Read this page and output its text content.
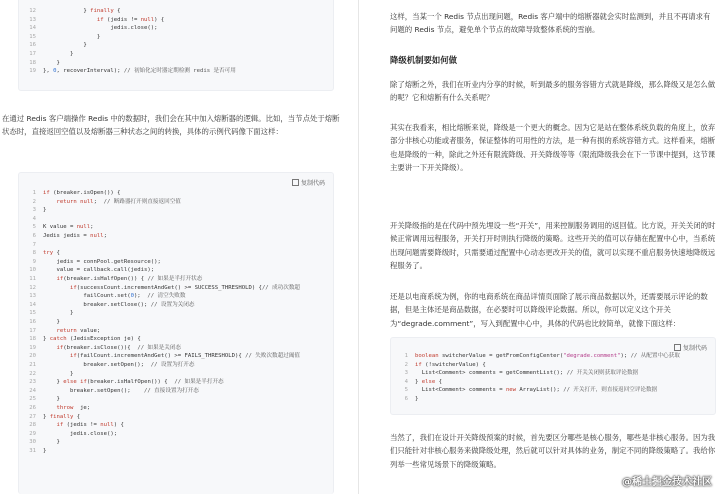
12 } finally {
13	if (jedis != null) {
14 jedis.close();
15 }
16 }
17 }
18 }
19 }, 0, recoverInterval); // 初始化定时器定期检测 redis 是否可用

在通过 Redis 客户端操作 Redis 中的数据时，我们会在其中加入熔断器的逻辑。比如，当节点处于熔断状态时，直接返回空值以及熔断器三种状态之间的转换，具体的示例代码像下面这样：

复制代码
1 if (breaker.isOpen()) {
2	return null;  // 断路器打开则直接返回空值
3 }
4
5 K value = null;
6 Jedis jedis = null;
7
8 try {
9 jedis = connPool.getResource();
10 value = callback.call(jedis);
11	if(breaker.isHalfOpen()) { // 如果是半打开状态
12	if(successCount.incrementAndGet() >= SUCCESS_THRESHOLD) {// 成功次数超
13 failCount.set(0);  // 清空失败数
14 breaker.setClose(); // 设置为关闭态
15 }
16 }
17	return value;
18 } catch (JedisException je) {
19	if(breaker.isClose()){  // 如果是关闭态
20	if(failCount.incrementAndGet() >= FAILS_THRESHOLD){ // 失败次数超过阈值
21 breaker.setOpen();  // 设置为打开态
22 }
23 } else if(breaker.isHalfOpen()) {  // 如果是半打开态
24 breaker.setOpen();    // 直接设置为打开态
25 }
26	throw  je;
27 } finally {
28	if (jedis != null) {
29 jedis.close();
30 }
31 }

这样，当某一个 Redis 节点出现问题，Redis 客户端中的熔断器就会实时监测到，并且不再请求有问题的 Redis 节点，避免单个节点的故障导致整体系统的雪崩。

降级机制要如何做

除了熔断之外，我们在听业内分享的时候，听到最多的服务容错方式就是降级，那么降级又是怎么做的呢？它和熔断有什么关系呢？

其实在我看来，相比熔断来说，降级是一个更大的概念。因为它是站在整体系统负载的角度上，放弃部分非核心功能或者服务，保证整体的可用性的方法，是一种有损的系统容错方式。这样看来，熔断也是降级的一种，除此之外还有限流降级、开关降级等等（限流降级我会在下一节课中提到，这节课主要讲一下开关降级）。

开关降级指的是在代码中预先埋设一些“开关”，用来控制服务调用的返回值。比方说，开关关闭的时候正常调用远程服务，开关打开时则执行降级的策略。这些开关的值可以存储在配置中心中，当系统出现问题需要降级时，只需要通过配置中心动态更改开关的值，就可以实现不重启服务快速地降级远程服务了。

还是以电商系统为例，你的电商系统在商品详情页面除了展示商品数据以外，还需要展示评论的数据，但是主体还是商品数据，在必要时可以降级评论数据。所以，你可以定义这个开关为“degrade.comment”，写入到配置中心中，具体的代码也比较简单，就像下面这样：

复制代码
1 boolean switcherValue = getFromConfigCenter("degrade.comment"); // 从配置中心获取
2 if (!switcherValue) {
3 List<Comment> comments = getCommentList(); // 开关关闭则获取评论数据
4 } else {
5 List<Comment> comments = new ArrayList(); // 开关打开，则直接返回空评论数据
6 }

当然了，我们在设计开关降级预案的时候，首先要区分哪些是核心服务，哪些是非核心服务。因为我们只能针对非核心服务来做降级处理，然后就可以针对具体的业务，制定不同的降级策略了。我给你列举一些常见场景下的降级策略。

@稀土掘金技术社区
